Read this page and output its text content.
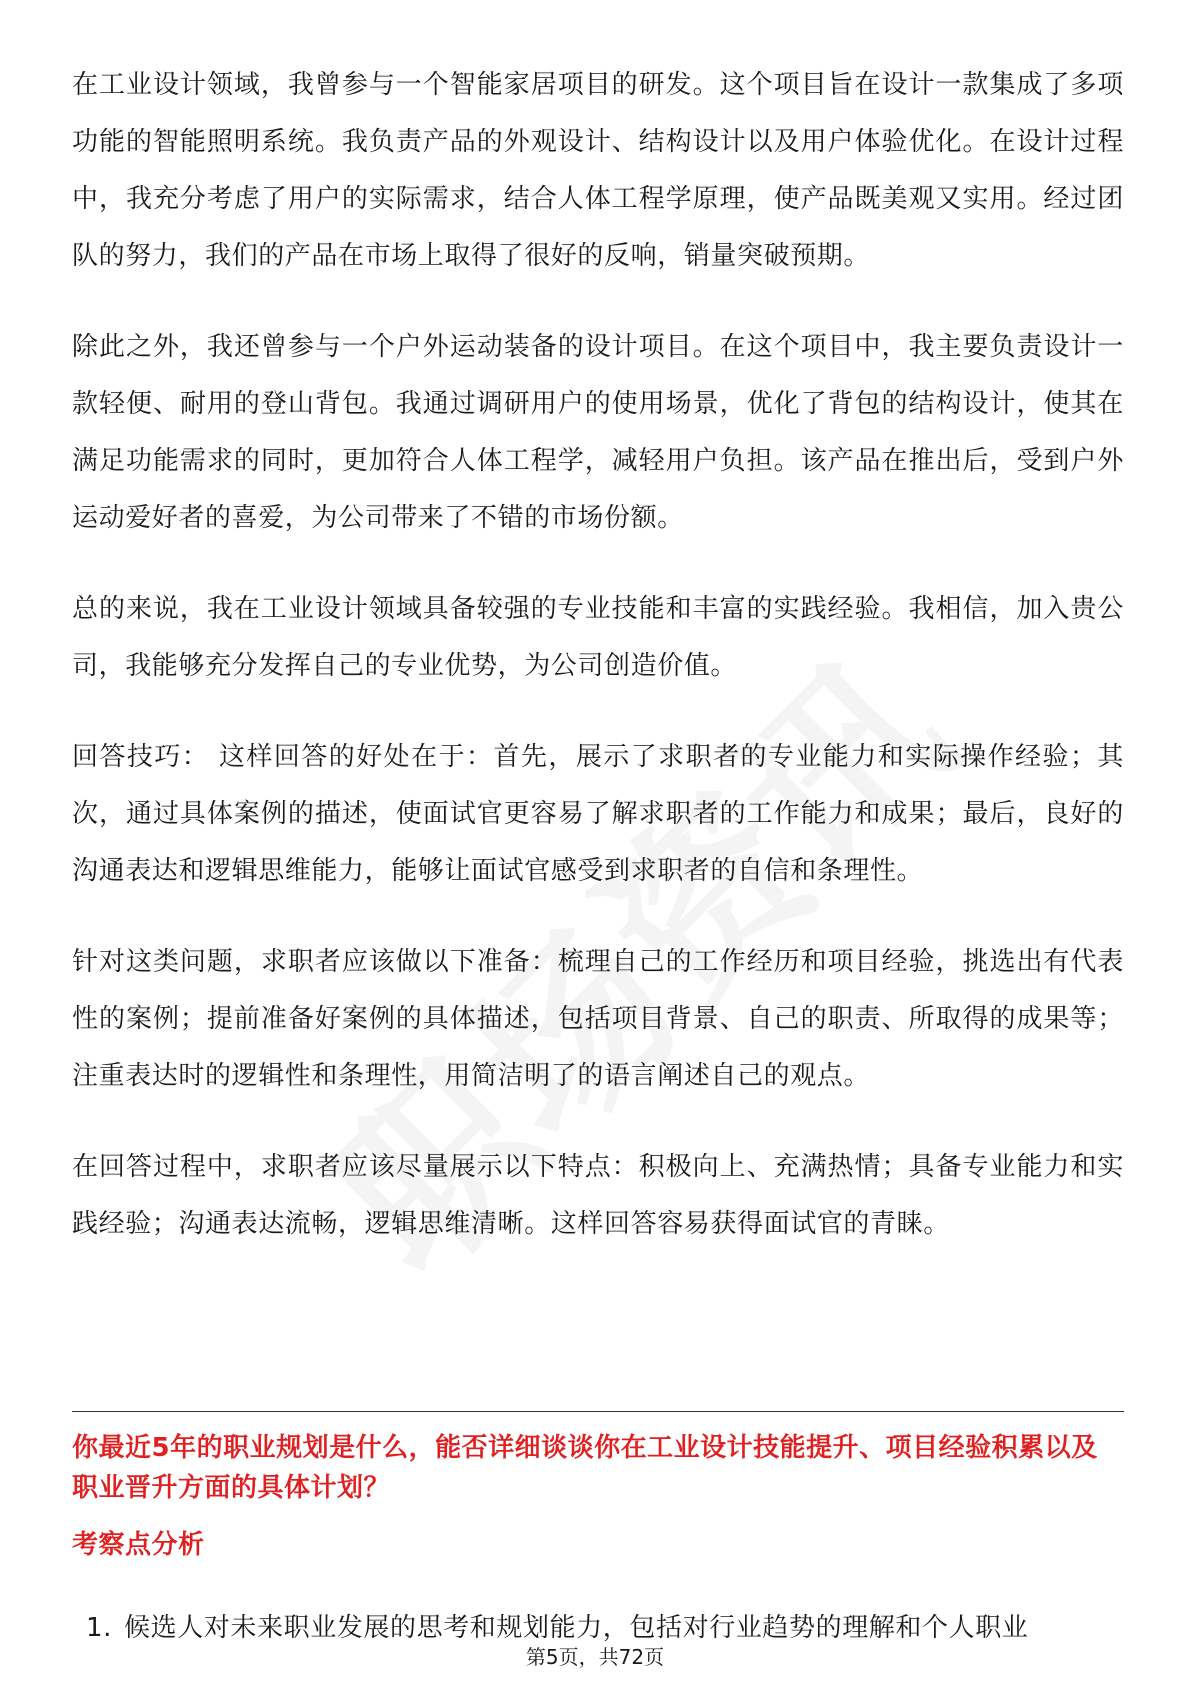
在工业设计领域，我曾参与一个智能家居项目的研发。这个项目旨在设计一款集成了多项功能的智能照明系统。我负责产品的外观设计、结构设计以及用户体验优化。在设计过程中，我充分考虑了用户的实际需求，结合人体工程学原理，使产品既美观又实用。经过团队的努力，我们的产品在市场上取得了很好的反响，销量突破预期。

除此之外，我还曾参与一个户外运动装备的设计项目。在这个项目中，我主要负责设计一款轻便、耐用的登山背包。我通过调研用户的使用场景，优化了背包的结构设计，使其在满足功能需求的同时，更加符合人体工程学，减轻用户负担。该产品在推出后，受到户外运动爱好者的喜爱，为公司带来了不错的市场份额。

总的来说，我在工业设计领域具备较强的专业技能和丰富的实践经验。我相信，加入贵公司，我能够充分发挥自己的专业优势，为公司创造价值。

回答技巧： 这样回答的好处在于：首先，展示了求职者的专业能力和实际操作经验；其次，通过具体案例的描述，使面试官更容易了解求职者的工作能力和成果；最后，良好的沟通表达和逻辑思维能力，能够让面试官感受到求职者的自信和条理性。

针对这类问题，求职者应该做以下准备：梳理自己的工作经历和项目经验，挑选出有代表性的案例；提前准备好案例的具体描述，包括项目背景、自己的职责、所取得的成果等；注重表达时的逻辑性和条理性，用简洁明了的语言阐述自己的观点。

在回答过程中，求职者应该尽量展示以下特点：积极向上、充满热情；具备专业能力和实践经验；沟通表达流畅，逻辑思维清晰。这样回答容易获得面试官的青睐。

你最近5年的职业规划是什么，能否详细谈谈你在工业设计技能提升、项目经验积累以及职业晋升方面的具体计划？
考察点分析
1. 候选人对未来职业发展的思考和规划能力，包括对行业趋势的理解和个人职业
第5页，共72页
